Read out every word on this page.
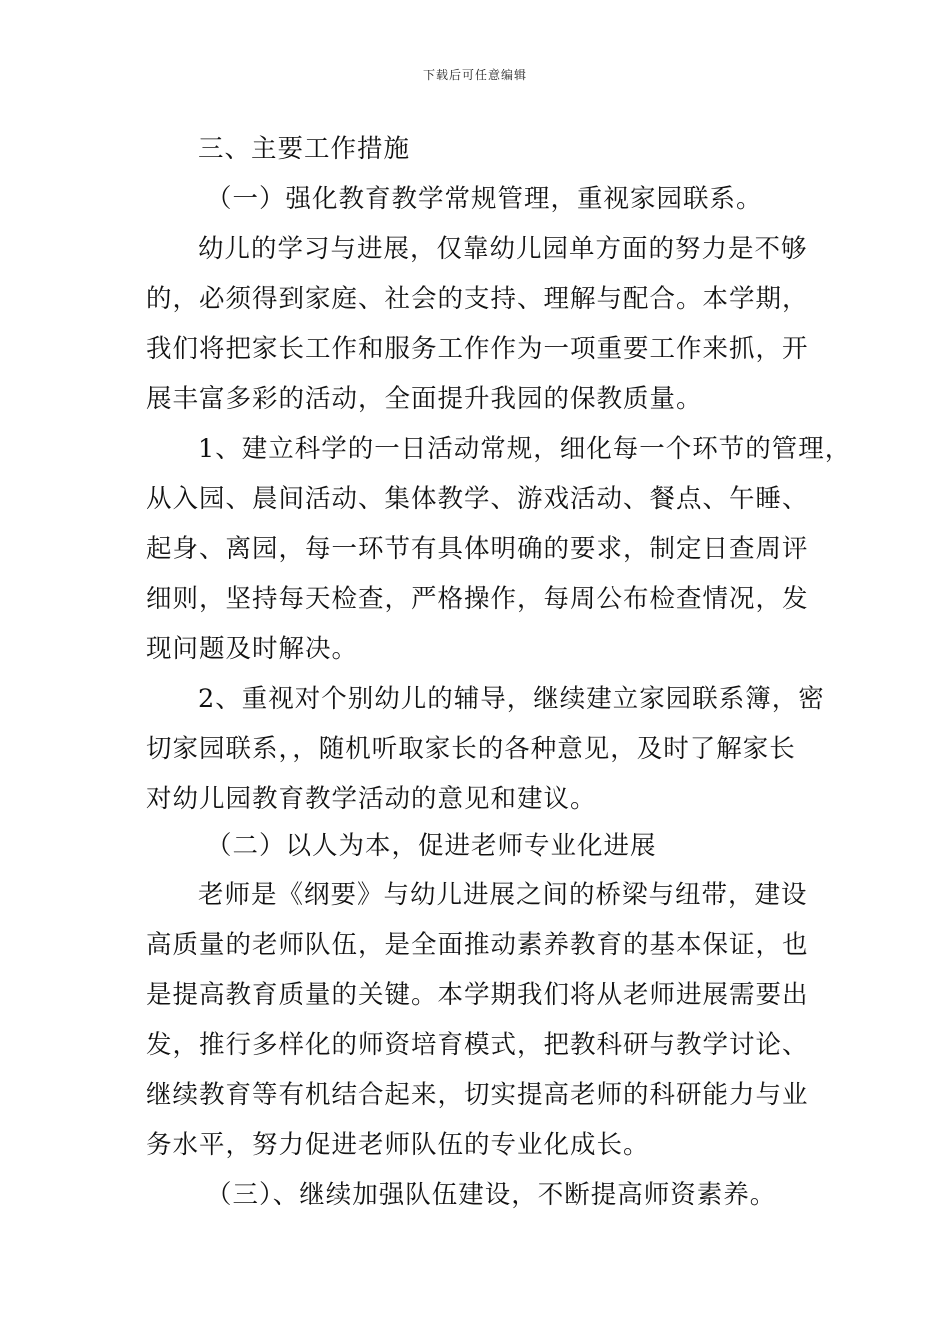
下载后可任意编辑
三、主要工作措施
（一）强化教育教学常规管理，重视家园联系。
幼儿的学习与进展，仅靠幼儿园单方面的努力是不够
的，必须得到家庭、社会的支持、理解与配合。本学期，
我们将把家长工作和服务工作作为一项重要工作来抓，开
展丰富多彩的活动，全面提升我园的保教质量。
1、建立科学的一日活动常规，细化每一个环节的管理，
从入园、晨间活动、集体教学、游戏活动、餐点、午睡、
起身、离园，每一环节有具体明确的要求，制定日查周评
细则，坚持每天检查，严格操作，每周公布检查情况，发
现问题及时解决。
2、重视对个别幼儿的辅导，继续建立家园联系簿，密
切家园联系，，随机听取家长的各种意见，及时了解家长
对幼儿园教育教学活动的意见和建议。
（二）以人为本，促进老师专业化进展
老师是《纲要》与幼儿进展之间的桥梁与纽带，建设
高质量的老师队伍，是全面推动素养教育的基本保证，也
是提高教育质量的关键。本学期我们将从老师进展需要出
发，推行多样化的师资培育模式，把教科研与教学讨论、
继续教育等有机结合起来，切实提高老师的科研能力与业
务水平，努力促进老师队伍的专业化成长。
（三）、继续加强队伍建设，不断提高师资素养。
